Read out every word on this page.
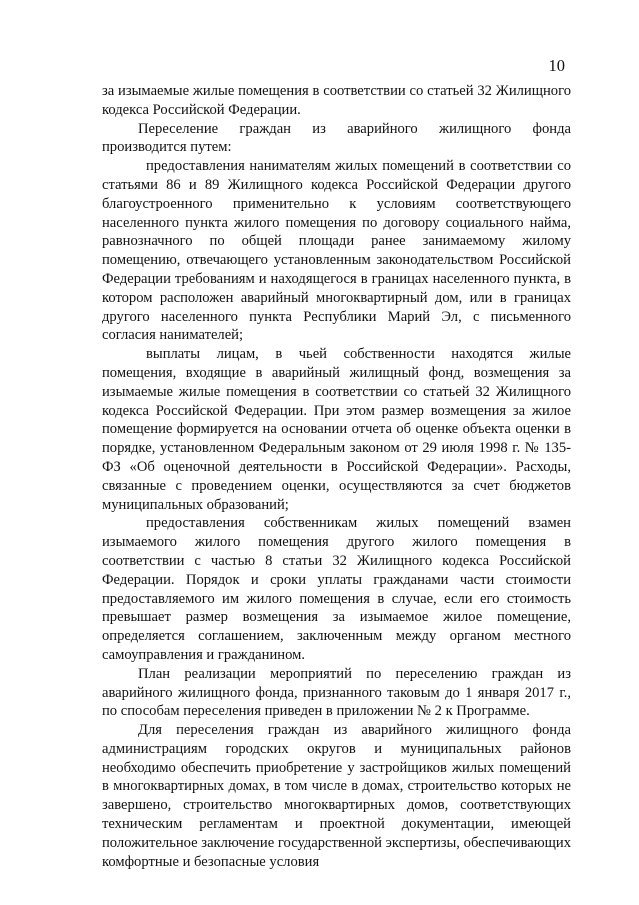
10

за изымаемые жилые помещения в соответствии со статьей 32 Жилищного кодекса Российской Федерации.

Переселение граждан из аварийного жилищного фонда производится путем:

предоставления нанимателям жилых помещений в соответствии со статьями 86 и 89 Жилищного кодекса Российской Федерации другого благоустроенного применительно к условиям соответствующего населенного пункта жилого помещения по договору социального найма, равнозначного по общей площади ранее занимаемому жилому помещению, отвечающего установленным законодательством Российской Федерации требованиям и находящегося в границах населенного пункта, в котором расположен аварийный многоквартирный дом, или в границах другого населенного пункта Республики Марий Эл, с письменного согласия нанимателей;

выплаты лицам, в чьей собственности находятся жилые помещения, входящие в аварийный жилищный фонд, возмещения за изымаемые жилые помещения в соответствии со статьей 32 Жилищного кодекса Российской Федерации. При этом размер возмещения за жилое помещение формируется на основании отчета об оценке объекта оценки в порядке, установленном Федеральным законом от 29 июля 1998 г. № 135-ФЗ «Об оценочной деятельности в Российской Федерации». Расходы, связанные с проведением оценки, осуществляются за счет бюджетов муниципальных образований;

предоставления собственникам жилых помещений взамен изымаемого жилого помещения другого жилого помещения в соответствии с частью 8 статьи 32 Жилищного кодекса Российской Федерации. Порядок и сроки уплаты гражданами части стоимости предоставляемого им жилого помещения в случае, если его стоимость превышает размер возмещения за изымаемое жилое помещение, определяется соглашением, заключенным между органом местного самоуправления и гражданином.

План реализации мероприятий по переселению граждан из аварийного жилищного фонда, признанного таковым до 1 января 2017 г., по способам переселения приведен в приложении № 2 к Программе.

Для переселения граждан из аварийного жилищного фонда администрациям городских округов и муниципальных районов необходимо обеспечить приобретение у застройщиков жилых помещений в многоквартирных домах, в том числе в домах, строительство которых не завершено, строительство многоквартирных домов, соответствующих техническим регламентам и проектной документации, имеющей положительное заключение государственной экспертизы, обеспечивающих комфортные и безопасные условия
